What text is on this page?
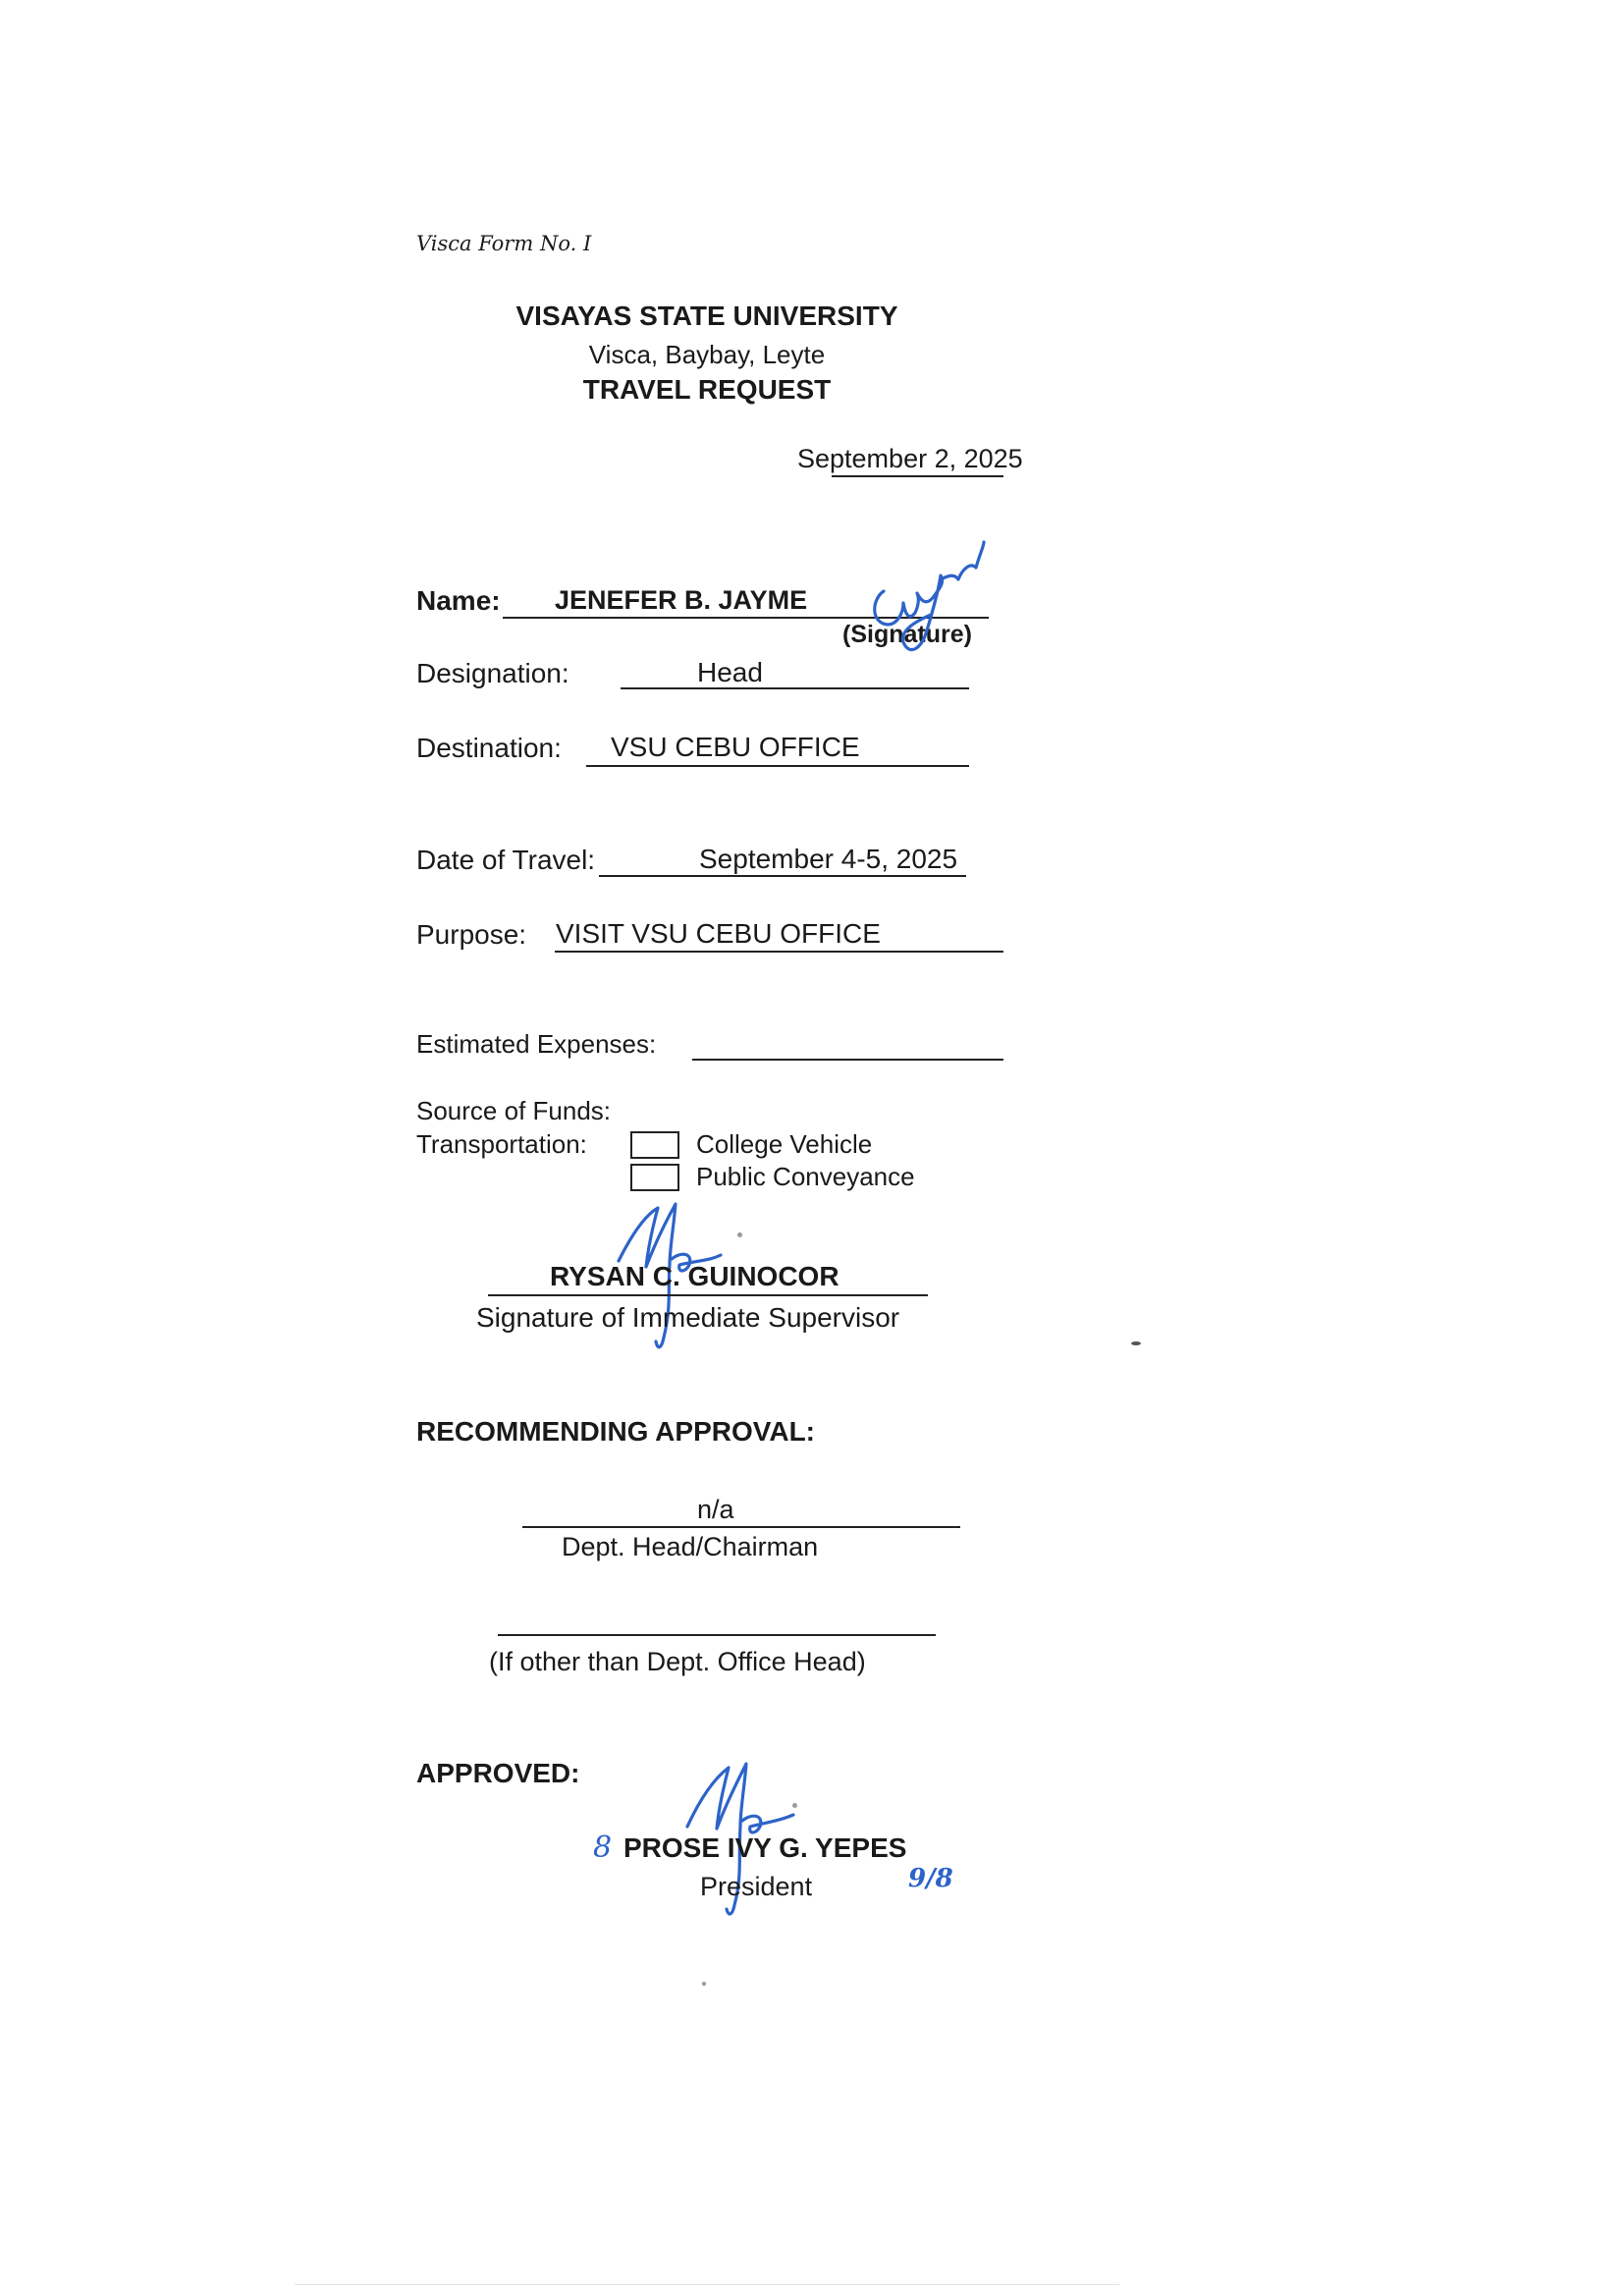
Visca Form No. I
VISAYAS STATE UNIVERSITY
Visca, Baybay, Leyte
TRAVEL REQUEST
September 2, 2025
Name: JENEFER B. JAYME
(Signature)
Designation:	Head
Destination: VSU CEBU OFFICE
Date of Travel:	September 4-5, 2025
Purpose: VISIT VSU CEBU OFFICE
Estimated Expenses:
Source of Funds:
Transportation:	College Vehicle
Public Conveyance
RYSAN C. GUINOCOR
Signature of Immediate Supervisor
RECOMMENDING APPROVAL:
n/a
Dept. Head/Chairman
(If other than Dept. Office Head)
APPROVED:
8 PROSE IVY G. YEPES
President	9/8
